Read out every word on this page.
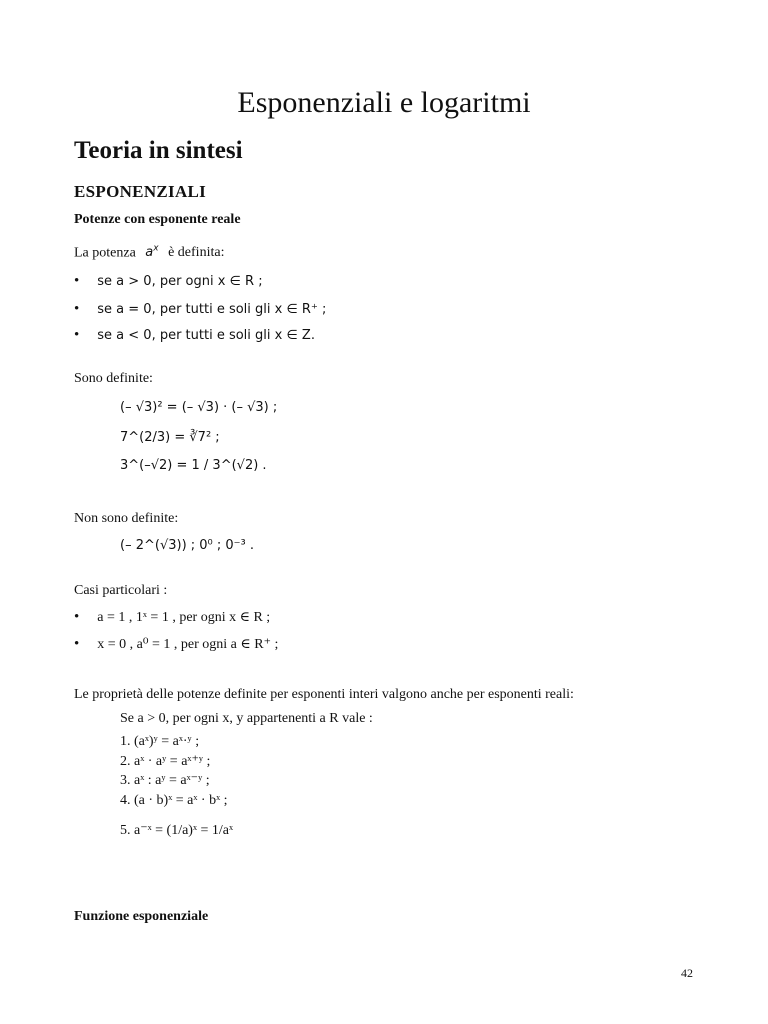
Esponenziali e logaritmi
Teoria in sintesi
ESPONENZIALI
Potenze con esponente reale
La potenza $a^x$ è definita:
• se a > 0, per ogni x ∈ R ;
• se a = 0, per tutti e soli gli x ∈ R⁺ ;
• se a < 0, per tutti e soli gli x ∈ Z.
Sono definite:
(– √3)² = (– √3) · (– √3) ;
7^(2/3) = ∛7² ;
3^(–√2) = 1 / 3^(√2) .
Non sono definite:
(– 2^(√3)) ; 0⁰ ; 0⁻³ .
Casi particolari :
• a = 1 , 1ˣ = 1 , per ogni x ∈ R ;
• x = 0 , a⁰ = 1 , per ogni a ∈ R⁺ ;
Le proprietà delle potenze definite per esponenti interi valgono anche per esponenti reali:
Se a > 0, per ogni x, y appartenenti a R vale :
1. (aˣ)ʸ = aˣ·ʸ ;
2. aˣ · aʸ = aˣ⁺ʸ ;
3. aˣ : aʸ = aˣ⁻ʸ ;
4. (a · b)ˣ = aˣ · bˣ ;
5. a⁻ˣ = (1/a)ˣ = 1/aˣ
Funzione esponenziale
42
